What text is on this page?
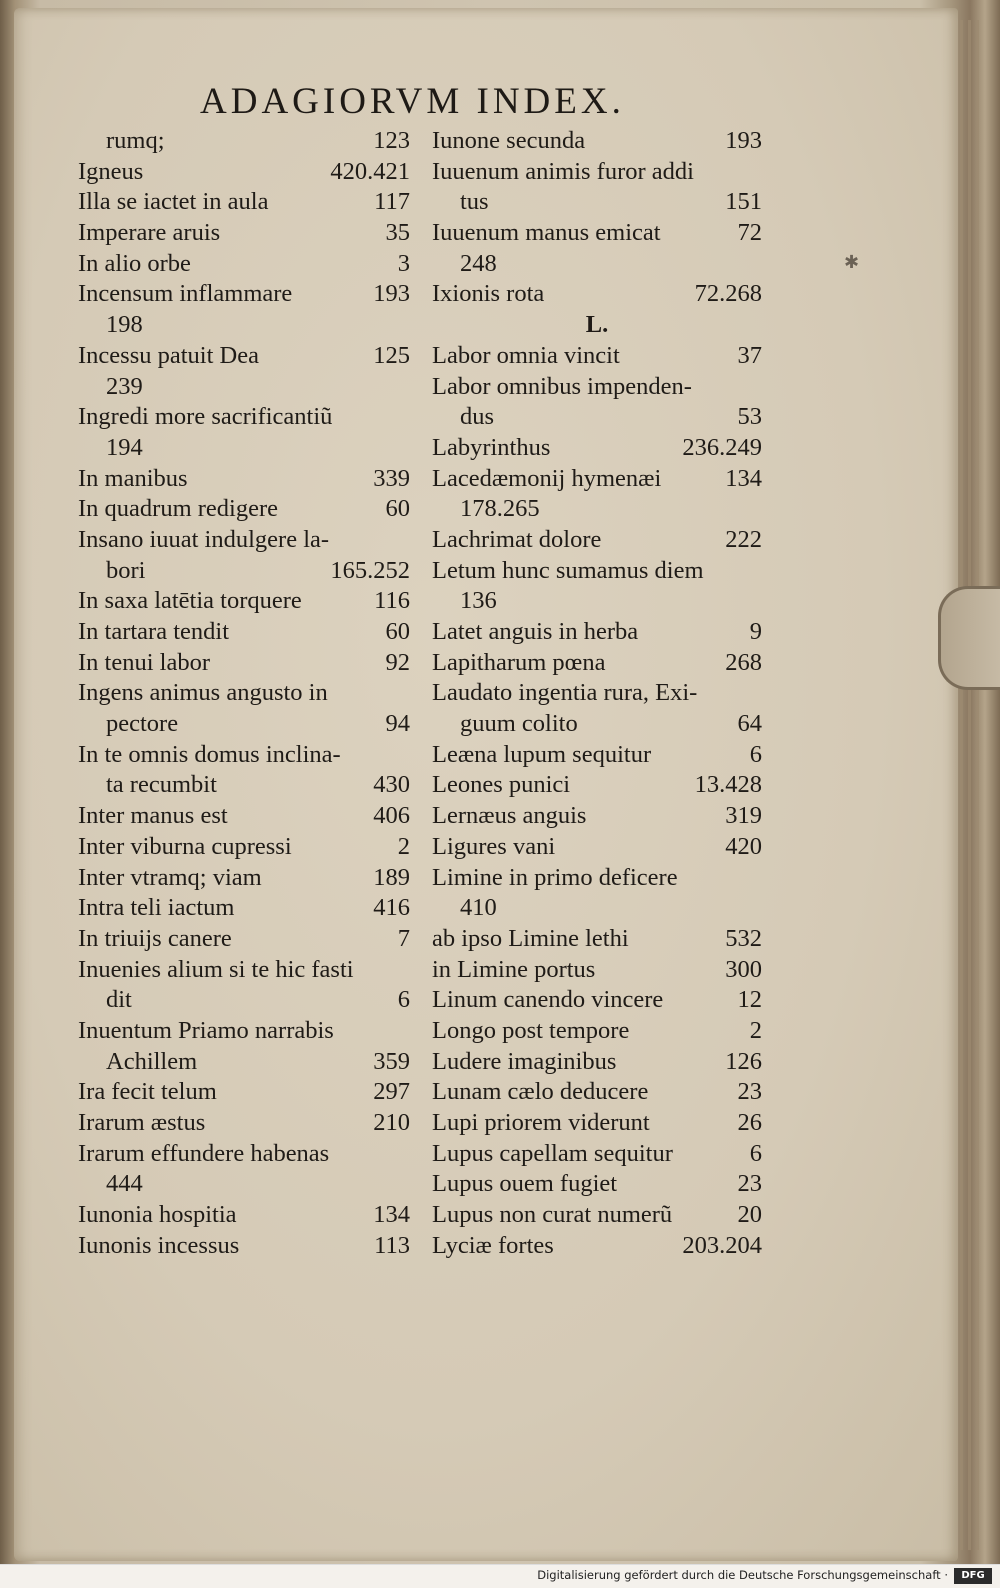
✱
ADAGIORVM INDEX.
rumq;	123
Igneus	420.421
Illa se iactet in aula	117
Imperare aruis	35
In alio orbe	3
Incensum inflammare	193
198
Incessu patuit Dea	125
239
Ingredi more sacrificantiũ
194
In manibus	339
In quadrum redigere	60
Insano iuuat indulgere la-
bori	165.252
In saxa latētia torquere	116
In tartara tendit	60
In tenui labor	92
Ingens animus angusto in
pectore	94
In te omnis domus inclina-
ta recumbit	430
Inter manus est	406
Inter viburna cupressi	2
Inter vtramq; viam	189
Intra teli iactum	416
In triuijs canere	7
Inuenies alium si te hic fasti
dit	6
Inuentum Priamo narrabis
Achillem	359
Ira fecit telum	297
Irarum æstus	210
Irarum effundere habenas
444
Iunonia hospitia	134
Iunonis incessus	113
Iunone secunda	193
Iuuenum animis furor addi
tus	151
Iuuenum manus emicat	72
248
Ixionis rota	72.268
L.
Labor omnia vincit	37
Labor omnibus impenden-
dus	53
Labyrinthus	236.249
Lacedæmonij hymenæi	134
178.265
Lachrimat dolore	222
Letum hunc sumamus diem
136
Latet anguis in herba	9
Lapitharum pœna	268
Laudato ingentia rura, Exi-
guum colito	64
Leæna lupum sequitur	6
Leones punici	13.428
Lernæus anguis	319
Ligures vani	420
Limine in primo deficere
410
ab ipso Limine lethi	532
in Limine portus	300
Linum canendo vincere	12
Longo post tempore	2
Ludere imaginibus	126
Lunam cælo deducere	23
Lupi priorem viderunt	26
Lupus capellam sequitur	6
Lupus ouem fugiet	23
Lupus non curat numerũ	20
Lyciæ fortes	203.204
Digitalisierung gefördert durch die Deutsche Forschungsgemeinschaft ·	DFG
